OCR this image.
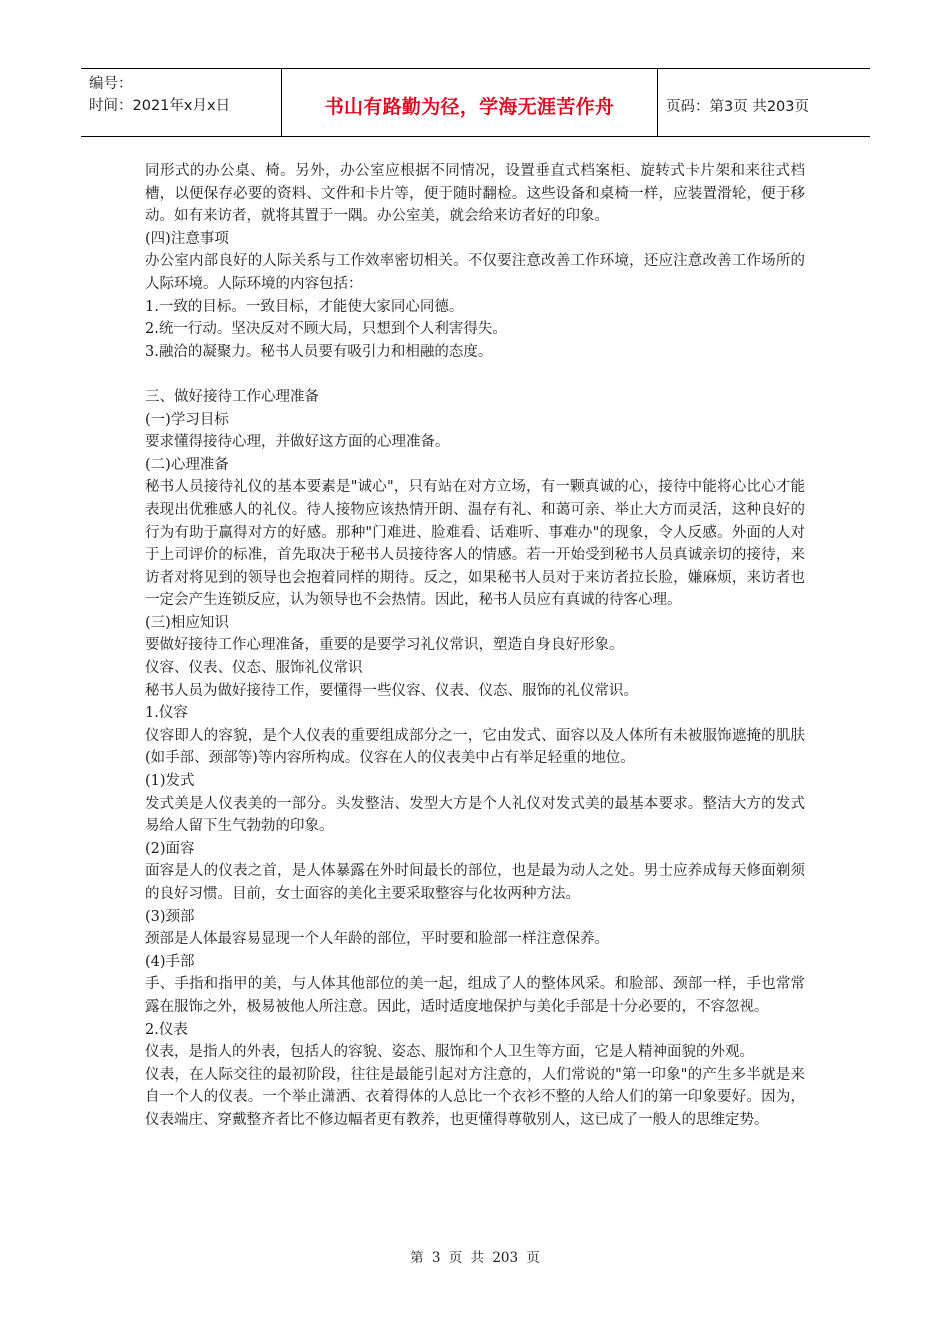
编号：
时间：2021年x月x日	书山有路勤为径，学海无涯苦作舟	页码：第3页 共203页

同形式的办公桌、椅。另外，办公室应根据不同情况，设置垂直式档案柜、旋转式卡片架和来往式档槽，以便保存必要的资料、文件和卡片等，便于随时翻检。这些设备和桌椅一样，应装置滑轮，便于移动。如有来访者，就将其置于一隅。办公室美，就会给来访者好的印象。

(四)注意事项

办公室内部良好的人际关系与工作效率密切相关。不仅要注意改善工作环境，还应注意改善工作场所的人际环境。人际环境的内容包括：

1.一致的目标。一致目标，才能使大家同心同德。

2.统一行动。坚决反对不顾大局，只想到个人利害得失。

3.融洽的凝聚力。秘书人员要有吸引力和相融的态度。

三、做好接待工作心理准备

(一)学习目标

要求懂得接待心理，并做好这方面的心理准备。

(二)心理准备

秘书人员接待礼仪的基本要素是"诚心"，只有站在对方立场，有一颗真诚的心，接待中能将心比心才能表现出优雅感人的礼仪。待人接物应该热情开朗、温存有礼、和蔼可亲、举止大方而灵活，这种良好的行为有助于赢得对方的好感。那种"门难进、脸难看、话难听、事难办"的现象，令人反感。外面的人对于上司评价的标准，首先取决于秘书人员接待客人的情感。若一开始受到秘书人员真诚亲切的接待，来访者对将见到的领导也会抱着同样的期待。反之，如果秘书人员对于来访者拉长脸，嫌麻烦，来访者也一定会产生连锁反应，认为领导也不会热情。因此，秘书人员应有真诚的待客心理。

(三)相应知识

要做好接待工作心理准备，重要的是要学习礼仪常识，塑造自身良好形象。

仪容、仪表、仪态、服饰礼仪常识

秘书人员为做好接待工作，要懂得一些仪容、仪表、仪态、服饰的礼仪常识。

1.仪容

仪容即人的容貌，是个人仪表的重要组成部分之一，它由发式、面容以及人体所有未被服饰遮掩的肌肤(如手部、颈部等)等内容所构成。仪容在人的仪表美中占有举足轻重的地位。

(1)发式

发式美是人仪表美的一部分。头发整洁、发型大方是个人礼仪对发式美的最基本要求。整洁大方的发式易给人留下生气勃勃的印象。

(2)面容

面容是人的仪表之首，是人体暴露在外时间最长的部位，也是最为动人之处。男士应养成每天修面剃须的良好习惯。目前，女士面容的美化主要采取整容与化妆两种方法。

(3)颈部

颈部是人体最容易显现一个人年龄的部位，平时要和脸部一样注意保养。

(4)手部

手、手指和指甲的美，与人体其他部位的美一起，组成了人的整体风采。和脸部、颈部一样，手也常常露在服饰之外，极易被他人所注意。因此，适时适度地保护与美化手部是十分必要的，不容忽视。

2.仪表

仪表，是指人的外表，包括人的容貌、姿态、服饰和个人卫生等方面，它是人精神面貌的外观。

仪表，在人际交往的最初阶段，往往是最能引起对方注意的，人们常说的"第一印象"的产生多半就是来自一个人的仪表。一个举止潇洒、衣着得体的人总比一个衣衫不整的人给人们的第一印象要好。因为，仪表端庄、穿戴整齐者比不修边幅者更有教养，也更懂得尊敬别人，这已成了一般人的思维定势。

第 3 页 共 203 页
